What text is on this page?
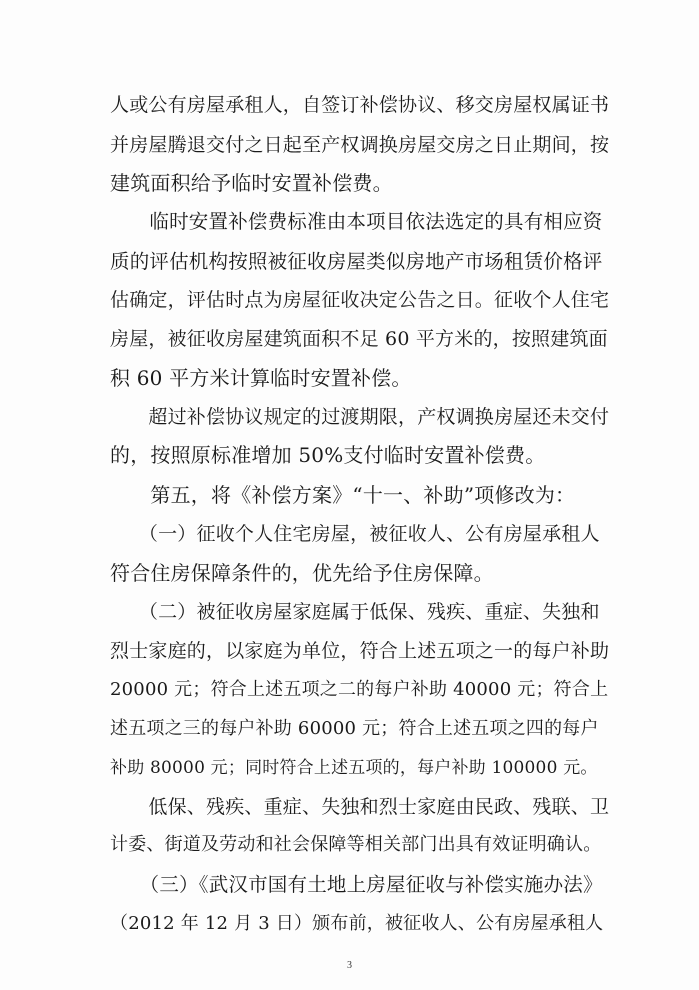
人或公有房屋承租人，自签订补偿协议、移交房屋权属证书
并房屋腾退交付之日起至产权调换房屋交房之日止期间，按
建筑面积给予临时安置补偿费。
　　临时安置补偿费标准由本项目依法选定的具有相应资
质的评估机构按照被征收房屋类似房地产市场租赁价格评
估确定，评估时点为房屋征收决定公告之日。征收个人住宅
房屋，被征收房屋建筑面积不足 60 平方米的，按照建筑面
积 60 平方米计算临时安置补偿。
　　超过补偿协议规定的过渡期限，产权调换房屋还未交付
的，按照原标准增加 50%支付临时安置补偿费。
　　第五，将《补偿方案》“十一、补助”项修改为：
　　（一）征收个人住宅房屋，被征收人、公有房屋承租人
符合住房保障条件的，优先给予住房保障。
　　（二）被征收房屋家庭属于低保、残疾、重症、失独和
烈士家庭的，以家庭为单位，符合上述五项之一的每户补助
20000 元；符合上述五项之二的每户补助 40000 元；符合上
述五项之三的每户补助 60000 元；符合上述五项之四的每户
补助 80000 元；同时符合上述五项的，每户补助 100000 元。
　　低保、残疾、重症、失独和烈士家庭由民政、残联、卫
计委、街道及劳动和社会保障等相关部门出具有效证明确认。
　　（三）《武汉市国有土地上房屋征收与补偿实施办法》
（2012 年 12 月 3 日）颁布前，被征收人、公有房屋承租人
3
